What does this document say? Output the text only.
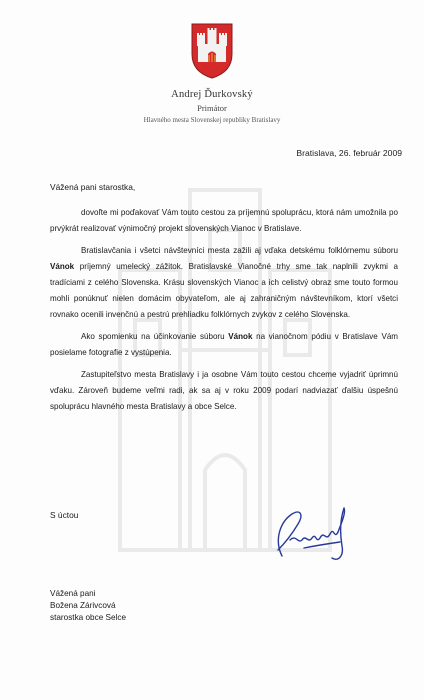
Andrej Ďurkovský
Primátor
Hlavného mesta Slovenskej republiky Bratislavy
Bratislava, 26. február 2009
Vážená pani starostka,

dovoľte mi poďakovať Vám touto cestou za príjemnú spoluprácu, ktorá nám umožnila po prvýkrát realizovať výnimočný projekt slovenských Vianoc v Bratislave.

Bratislavčania i všetci návštevníci mesta zažili aj vďaka detskému folklórnemu súboru Vánok príjemný umelecký zážitok. Bratislavské Vianočné trhy sme tak naplnili zvykmi a tradíciami z celého Slovenska. Krásu slovenských Vianoc a ich celistvý obraz sme touto formou mohli ponúknuť nielen domácim obyvateľom, ale aj zahraničným návštevníkom, ktorí všetci rovnako ocenili invenčnú a pestrú prehliadku folklórnych zvykov z celého Slovenska.

Ako spomienku na účinkovanie súboru Vánok na vianočnom pódiu v Bratislave Vám posielame fotografie z vystúpenia.

Zastupiteľstvo mesta Bratislavy i ja osobne Vám touto cestou chceme vyjadriť úprimnú vďaku. Zároveň budeme veľmi radi, ak sa aj v roku 2009 podarí nadviazať ďalšiu úspešnú spoluprácu hlavného mesta Bratislavy a obce Selce.

S úctou
Vážená pani
Božena Zárivcová
starostka obce Selce
